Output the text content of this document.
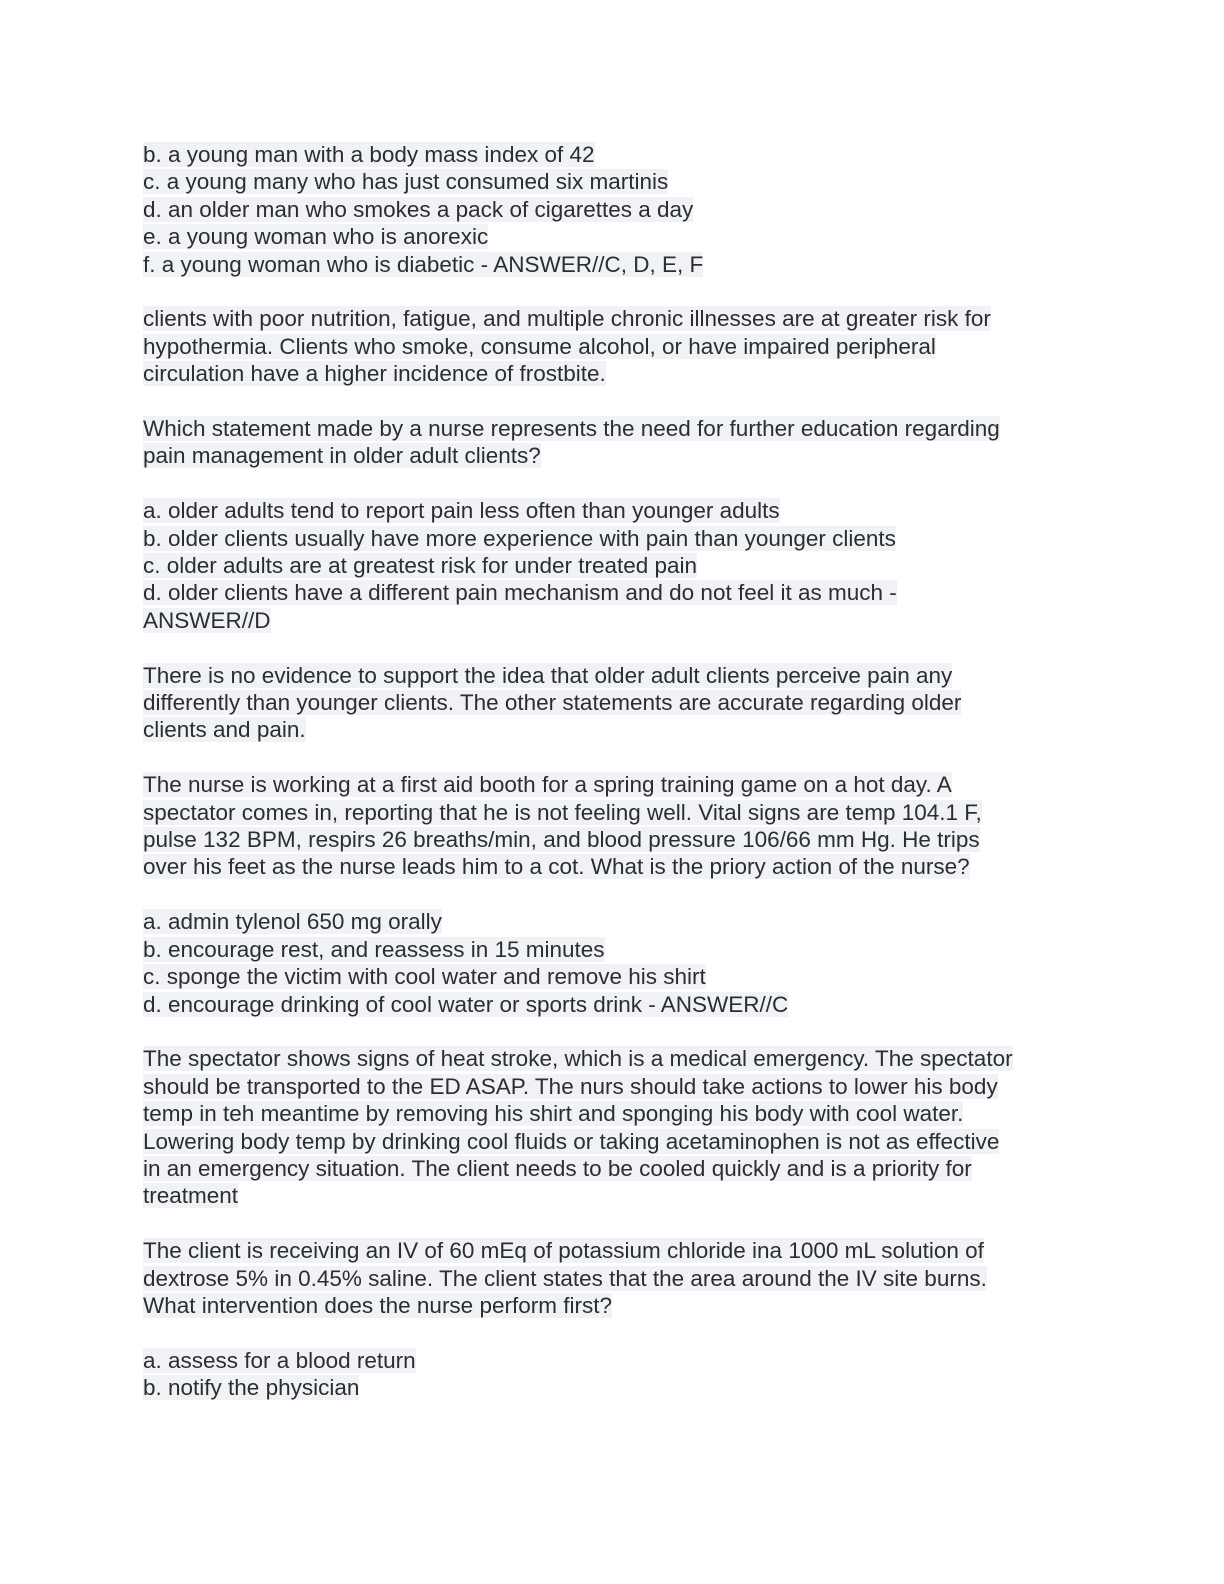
b. a young man with a body mass index of 42
c. a young many who has just consumed six martinis
d. an older man who smokes a pack of cigarettes a day
e. a young woman who is anorexic
f. a young woman who is diabetic - ANSWER//C, D, E, F
clients with poor nutrition, fatigue, and multiple chronic illnesses are at greater risk for
hypothermia. Clients who smoke, consume alcohol, or have impaired peripheral
circulation have a higher incidence of frostbite.
Which statement made by a nurse represents the need for further education regarding
pain management in older adult clients?
a. older adults tend to report pain less often than younger adults
b. older clients usually have more experience with pain than younger clients
c. older adults are at greatest risk for under treated pain
d. older clients have a different pain mechanism and do not feel it as much -
ANSWER//D
There is no evidence to support the idea that older adult clients perceive pain any
differently than younger clients. The other statements are accurate regarding older
clients and pain.
The nurse is working at a first aid booth for a spring training game on a hot day. A
spectator comes in, reporting that he is not feeling well. Vital signs are temp 104.1 F,
pulse 132 BPM, respirs 26 breaths/min, and blood pressure 106/66 mm Hg. He trips
over his feet as the nurse leads him to a cot. What is the priory action of the nurse?
a. admin tylenol 650 mg orally
b. encourage rest, and reassess in 15 minutes
c. sponge the victim with cool water and remove his shirt
d. encourage drinking of cool water or sports drink - ANSWER//C
The spectator shows signs of heat stroke, which is a medical emergency. The spectator
should be transported to the ED ASAP. The nurs should take actions to lower his body
temp in teh meantime by removing his shirt and sponging his body with cool water.
Lowering body temp by drinking cool fluids or taking acetaminophen is not as effective
in an emergency situation. The client needs to be cooled quickly and is a priority for
treatment
The client is receiving an IV of 60 mEq of potassium chloride ina 1000 mL solution of
dextrose 5% in 0.45% saline. The client states that the area around the IV site burns.
What intervention does the nurse perform first?
a. assess for a blood return
b. notify the physician
